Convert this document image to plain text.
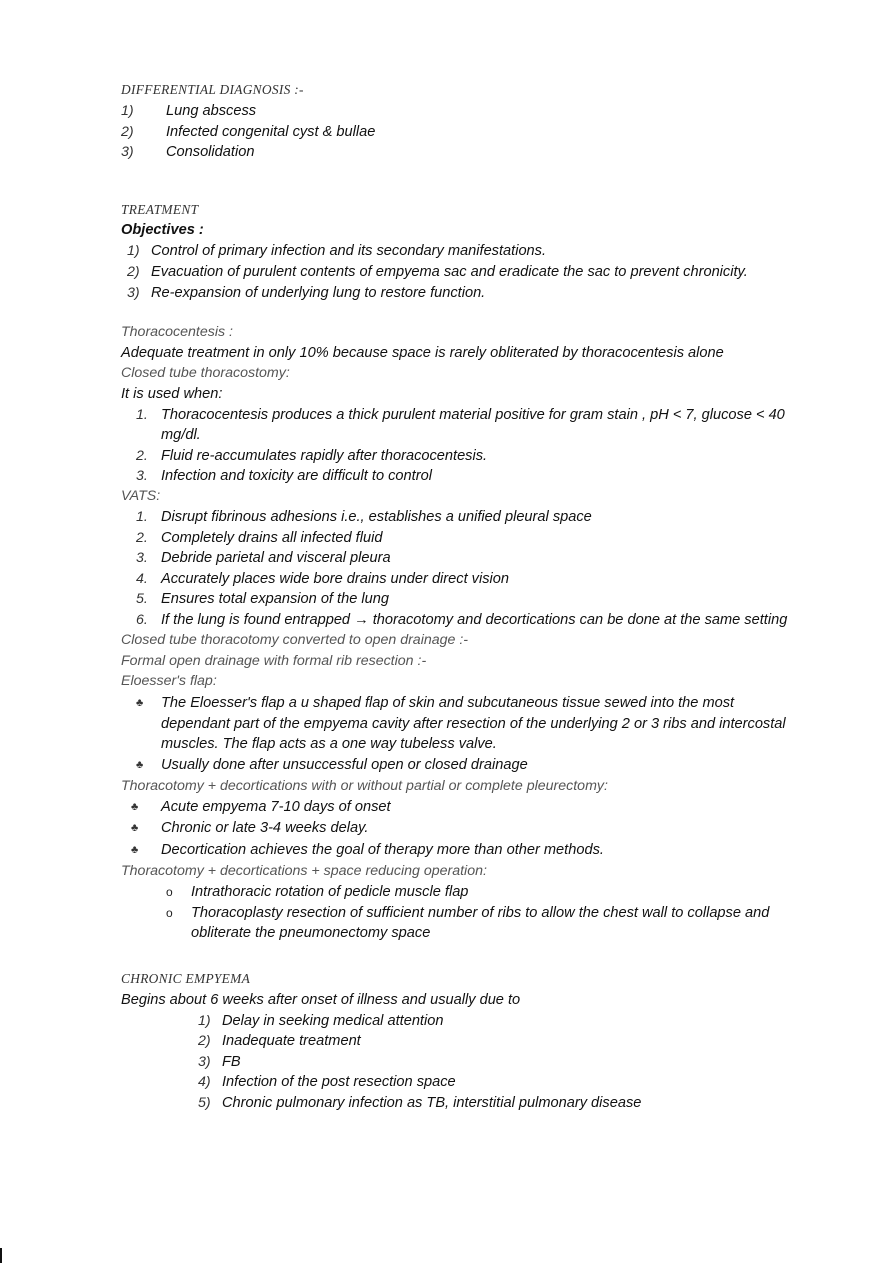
DIFFERENTIAL DIAGNOSIS :-
1) Lung abscess
2) Infected congenital cyst & bullae
3) Consolidation
TREATMENT
Objectives :
1) Control of primary infection and its secondary manifestations.
2) Evacuation of purulent contents of empyema sac and eradicate the sac to prevent chronicity.
3) Re-expansion of underlying lung to restore function.
Thoracocentesis :
Adequate treatment in only 10% because space is rarely obliterated by thoracocentesis alone
Closed tube thoracostomy:
It is used when:
1. Thoracocentesis produces a thick purulent material positive for gram stain , pH < 7, glucose < 40
mg/dl.
2. Fluid re-accumulates rapidly after thoracocentesis.
3. Infection and toxicity are difficult to control
VATS:
1. Disrupt fibrinous adhesions i.e., establishes a unified pleural space
2. Completely drains all infected fluid
3. Debride parietal and visceral pleura
4. Accurately places wide bore drains under direct vision
5. Ensures total expansion of the lung
6. If the lung is found entrapped → thoracotomy and decortications can be done at the same setting
Closed tube thoracotomy converted to open drainage :-
Formal open drainage with formal rib resection :-
Eloesser's flap:
♣ The Eloesser's flap a u shaped flap of skin and subcutaneous tissue sewed into the most
dependant part of the empyema cavity after resection of the underlying 2 or 3 ribs and intercostal
muscles. The flap acts as a one way tubeless valve.
♣ Usually done after unsuccessful open or closed drainage
Thoracotomy + decortications with or without partial or complete pleurectomy:
♣ Acute empyema 7-10 days of onset
♣ Chronic or late 3-4 weeks delay.
♣ Decortication achieves the goal of therapy more than other methods.
Thoracotomy + decortications + space reducing operation:
o Intrathoracic rotation of pedicle muscle flap
o Thoracoplasty resection of sufficient number of ribs to allow the chest wall to collapse and
obliterate the pneumonectomy space
CHRONIC EMPYEMA
Begins about 6 weeks after onset of illness and usually due to
1) Delay in seeking medical attention
2) Inadequate treatment
3) FB
4) Infection of the post resection space
5) Chronic pulmonary infection as TB, interstitial pulmonary disease
